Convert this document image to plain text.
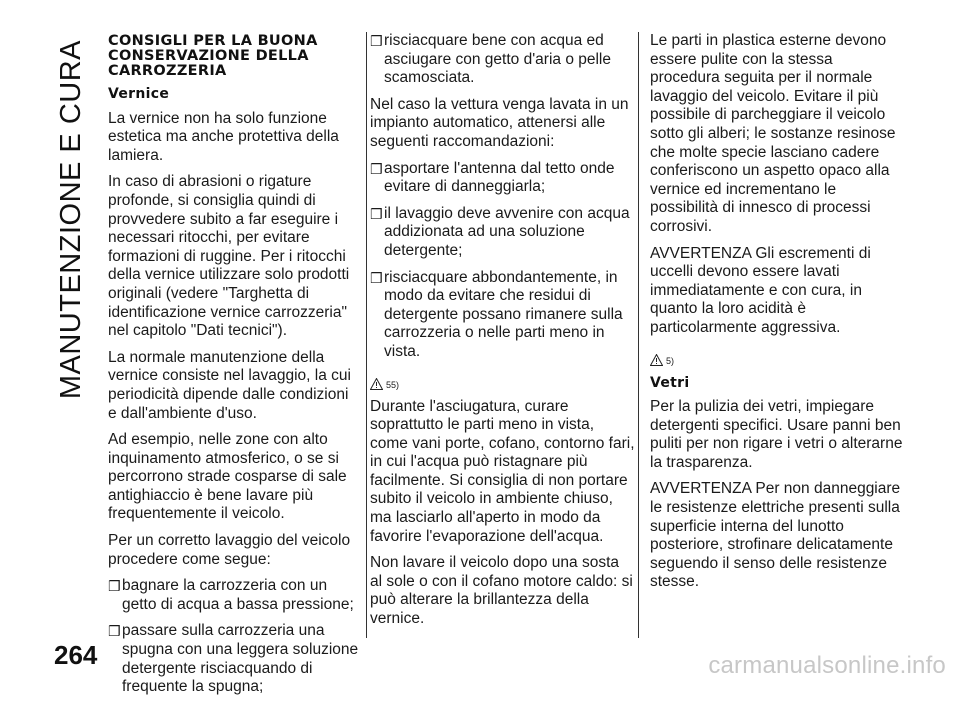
MANUTENZIONE E CURA CONSIGLI PER LA BUONA CONSERVAZIONE DELLA CARROZZERIA
Vernice

La vernice non ha solo funzione estetica ma anche protettiva della lamiera.

In caso di abrasioni o rigature profonde, si consiglia quindi di provvedere subito a far eseguire i necessari ritocchi, per evitare formazioni di ruggine. Per i ritocchi della vernice utilizzare solo prodotti originali (vedere "Targhetta di identificazione vernice carrozzeria" nel capitolo "Dati tecnici").

La normale manutenzione della vernice consiste nel lavaggio, la cui periodicità dipende dalle condizioni e dall'ambiente d'uso.

Ad esempio, nelle zone con alto inquinamento atmosferico, o se si percorrono strade cosparse di sale antighiaccio è bene lavare più frequentemente il veicolo.

Per un corretto lavaggio del veicolo procedere come segue:

❒ bagnare la carrozzeria con un getto di acqua a bassa pressione;
❒ passare sulla carrozzeria una spugna con una leggera soluzione detergente risciacquando di frequente la spugna;
❒ risciacquare bene con acqua ed asciugare con getto d'aria o pelle scamosciata.

Nel caso la vettura venga lavata in un impianto automatico, attenersi alle seguenti raccomandazioni:

❒ asportare l'antenna dal tetto onde evitare di danneggiarla;
❒ il lavaggio deve avvenire con acqua addizionata ad una soluzione detergente;
❒ risciacquare abbondantemente, in modo da evitare che residui di detergente possano rimanere sulla carrozzeria o nelle parti meno in vista.
55)

Durante l'asciugatura, curare soprattutto le parti meno in vista, come vani porte, cofano, contorno fari, in cui l'acqua può ristagnare più facilmente. Si consiglia di non portare subito il veicolo in ambiente chiuso, ma lasciarlo all'aperto in modo da favorire l'evaporazione dell'acqua.

Non lavare il veicolo dopo una sosta al sole o con il cofano motore caldo: si può alterare la brillantezza della vernice.

Le parti in plastica esterne devono essere pulite con la stessa procedura seguita per il normale lavaggio del veicolo. Evitare il più possibile di parcheggiare il veicolo sotto gli alberi; le sostanze resinose che molte specie lasciano cadere conferiscono un aspetto opaco alla vernice ed incrementano le possibilità di innesco di processi corrosivi.

AVVERTENZA Gli escrementi di uccelli devono essere lavati immediatamente e con cura, in quanto la loro acidità è particolarmente aggressiva.

5)
Vetri

Per la pulizia dei vetri, impiegare detergenti specifici. Usare panni ben puliti per non rigare i vetri o alterarne la trasparenza.

AVVERTENZA Per non danneggiare le resistenze elettriche presenti sulla superficie interna del lunotto posteriore, strofinare delicatamente seguendo il senso delle resistenze stesse.

264	carmanualsonline.info
